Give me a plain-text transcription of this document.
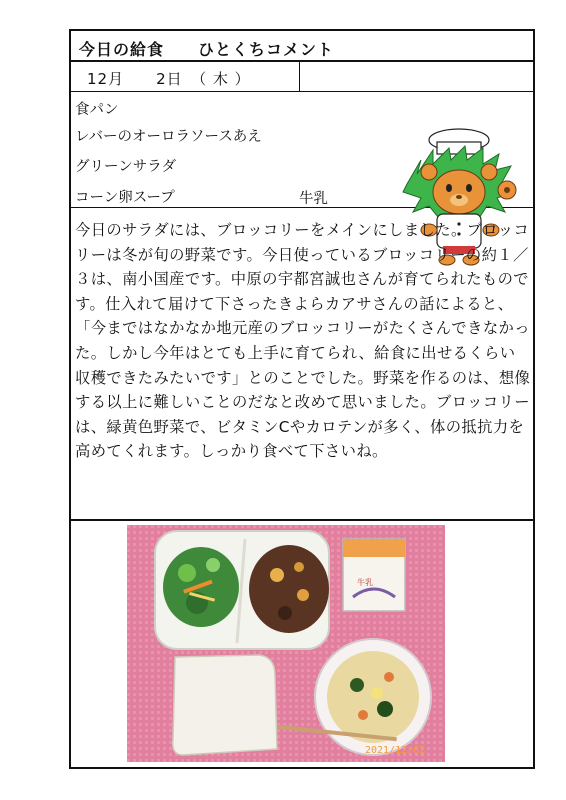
今日の給食　　ひとくちコメント
12月　　2日　（ 木 ）
食パン
レバーのオーロラソースあえ
グリーンサラダ
コーン卵スープ	牛乳

今日のサラダには、ブロッコリーをメインにしました。ブロッコリーは冬が旬の野菜です。今日使っているブロッコリーの約１／３は、南小国産です。中原の宇都宮誠也さんが育てられたものです。仕入れて届けて下さったきよらカアサさんの話によると、「今まではなかなか地元産のブロッコリーがたくさんできなかった。しかし今年はとても上手に育てられ、給食に出せるくらい収穫できたみたいです」とのことでした。野菜を作るのは、想像する以上に難しいことのだなと改めて思いました。ブロッコリーは、緑黄色野菜で、ビタミンCやカロテンが多く、体の抵抗力を高めてくれます。しっかり食べて下さいね。

牛乳
2021/12/02
